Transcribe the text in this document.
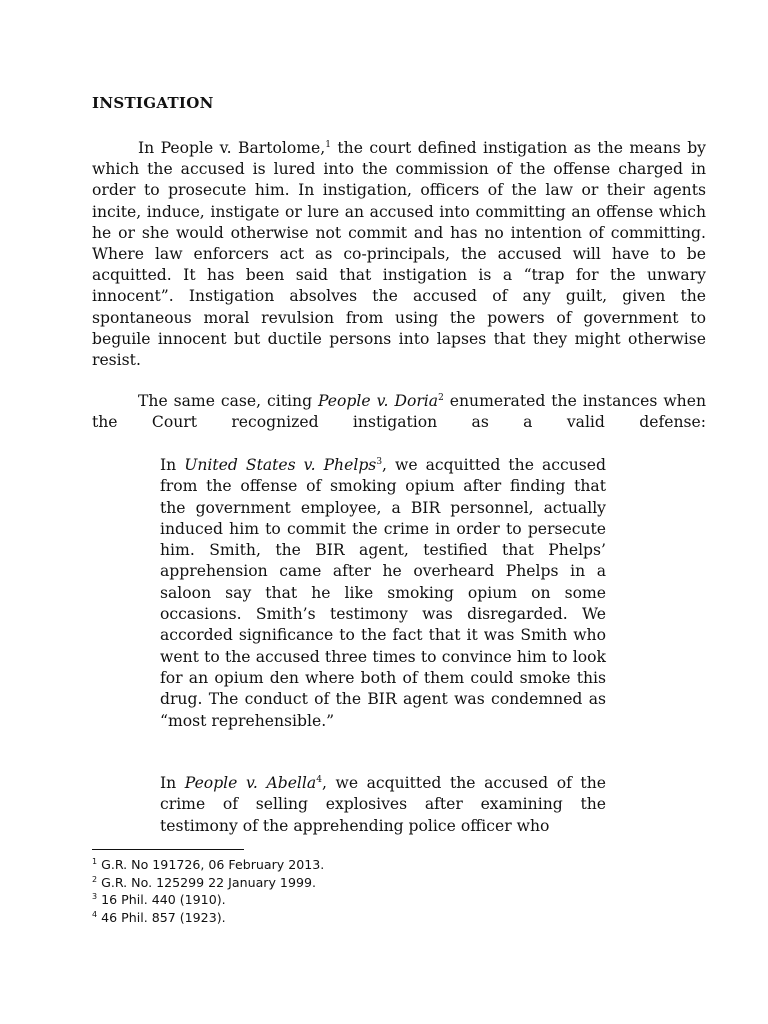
INSTIGATION

In People v. Bartolome,$^1$ the court defined instigation as the means by which the accused is lured into the commission of the offense charged in order to prosecute him. In instigation, officers of the law or their agents incite, induce, instigate or lure an accused into committing an offense which he or she would otherwise not commit and has no intention of committing. Where law enforcers act as co-principals, the accused will have to be acquitted. It has been said that instigation is a “trap for the unwary innocent”. Instigation absolves the accused of any guilt, given the spontaneous moral revulsion from using the powers of government to beguile innocent but ductile persons into lapses that they might otherwise resist.

The same case, citing People v. Doria$^2$ enumerated the instances when the Court recognized instigation as a valid defense:

In United States v. Phelps$^3$, we acquitted the accused from the offense of smoking opium after finding that the government employee, a BIR personnel, actually induced him to commit the crime in order to persecute him. Smith, the BIR agent, testified that Phelps’ apprehension came after he overheard Phelps in a saloon say that he like smoking opium on some occasions. Smith’s testimony was disregarded. We accorded significance to the fact that it was Smith who went to the accused three times to convince him to look for an opium den where both of them could smoke this drug. The conduct of the BIR agent was condemned as “most reprehensible.”

In People v. Abella$^4$, we acquitted the accused of the crime of selling explosives after examining the testimony of the apprehending police officer who

$^1$ G.R. No 191726, 06 February 2013.
$^2$ G.R. No. 125299 22 January 1999.
$^3$ 16 Phil. 440 (1910).
$^4$ 46 Phil. 857 (1923).
